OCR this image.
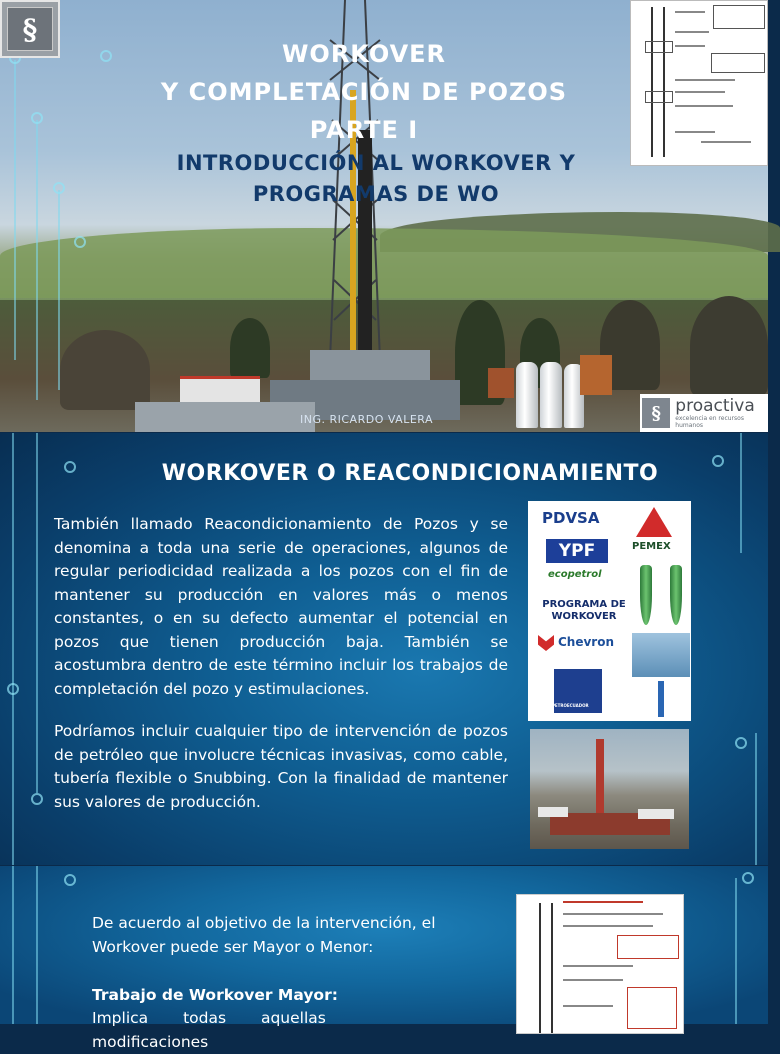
§
WORKOVER
Y COMPLETACIÓN DE POZOS
PARTE I
INTRODUCCIÓN AL WORKOVER Y
PROGRAMAS DE WO
ING. RICARDO VALERA	§ proactiva
excelencia en recursos humanos
WORKOVER O REACONDICIONAMIENTO

También llamado Reacondicionamiento de Pozos y se denomina a toda una serie de operaciones, algunos de regular periodicidad realizada a los pozos con el fin de mantener su producción en valores más o menos constantes, o en su defecto aumentar el potencial en pozos que tienen producción baja. También se acostumbra dentro de este término incluir los trabajos de completación del pozo y estimulaciones.

Podríamos incluir cualquier tipo de intervención de pozos de petróleo que involucre técnicas invasivas, como cable, tubería flexible o Snubbing. Con la finalidad de mantener sus valores de producción.

PDVSA
YPF	PEMEX
ecopetrol
PROGRAMA DE
WORKOVER
Chevron
PETROECUADOR

De acuerdo al objetivo de la intervención, el Workover puede ser Mayor o Menor:

Trabajo de Workover Mayor:

Implica todas aquellas modificaciones
